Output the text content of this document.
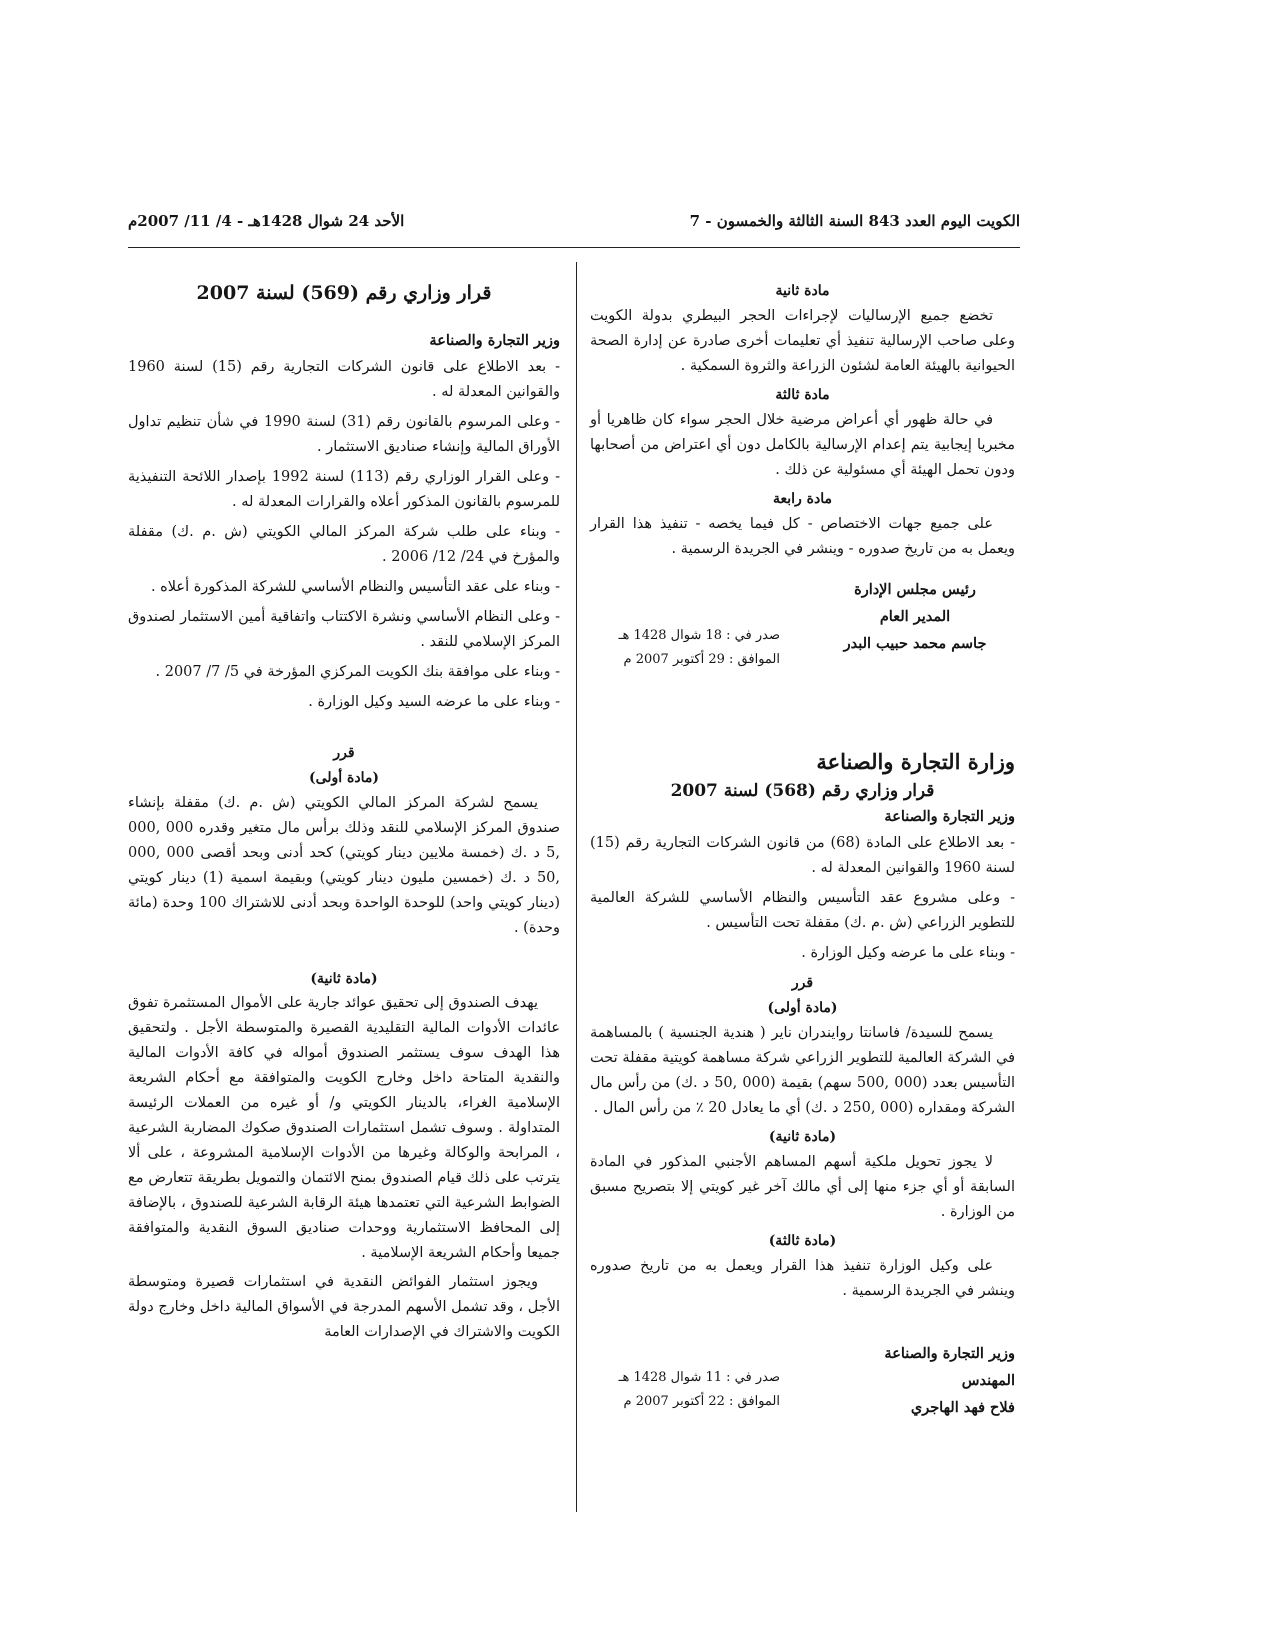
الكويت اليوم العدد 843 السنة الثالثة والخمسون - 7
الأحد 24 شوال 1428هـ - 4/ 11/ 2007م
مادة ثانية

تخضع جميع الإرساليات لإجراءات الحجر البيطري بدولة الكويت وعلى صاحب الإرسالية تنفيذ أي تعليمات أخرى صادرة عن إدارة الصحة الحيوانية بالهيئة العامة لشئون الزراعة والثروة السمكية .

مادة ثالثة

في حالة ظهور أي أعراض مرضية خلال الحجر سواء كان ظاهريا أو مخبريا إيجابية يتم إعدام الإرسالية بالكامل دون أي اعتراض من أصحابها ودون تحمل الهيئة أي مسئولية عن ذلك .

مادة رابعة

على جميع جهات الاختصاص - كل فيما يخصه - تنفيذ هذا القرار ويعمل به من تاريخ صدوره - وينشر في الجريدة الرسمية .

رئيس مجلس الإدارة
المدير العام
جاسم محمد حبيب البدر
صدر في : 18 شوال 1428 هـ
الموافق : 29 أكتوبر 2007 م
وزارة التجارة والصناعة
قرار وزاري رقم (568) لسنة 2007
وزير التجارة والصناعة

- بعد الاطلاع على المادة (68) من قانون الشركات التجارية رقم (15) لسنة 1960 والقوانين المعدلة له .

- وعلى مشروع عقد التأسيس والنظام الأساسي للشركة العالمية للتطوير الزراعي (ش .م .ك) مقفلة تحت التأسيس .

- وبناء على ما عرضه وكيل الوزارة .

قرر
(مادة أولى)

يسمح للسيدة/ فاسانتا روايندران ناير ( هندية الجنسية ) بالمساهمة في الشركة العالمية للتطوير الزراعي شركة مساهمة كويتية مقفلة تحت التأسيس بعدد (000 ,500 سهم) بقيمة (000 ,50 د .ك) من رأس مال الشركة ومقداره (000 ,250 د .ك) أي ما يعادل 20 ٪ من رأس المال .

(مادة ثانية)

لا يجوز تحويل ملكية أسهم المساهم الأجنبي المذكور في المادة السابقة أو أي جزء منها إلى أي مالك آخر غير كويتي إلا بتصريح مسبق من الوزارة .

(مادة ثالثة)

على وكيل الوزارة تنفيذ هذا القرار ويعمل به من تاريخ صدوره وينشر في الجريدة الرسمية .

وزير التجارة والصناعة
المهندس
فلاح فهد الهاجري
صدر في : 11 شوال 1428 هـ
الموافق : 22 أكتوبر 2007 م
قرار وزاري رقم (569) لسنة 2007
وزير التجارة والصناعة

- بعد الاطلاع على قانون الشركات التجارية رقم (15) لسنة 1960 والقوانين المعدلة له .

- وعلى المرسوم بالقانون رقم (31) لسنة 1990 في شأن تنظيم تداول الأوراق المالية وإنشاء صناديق الاستثمار .

- وعلى القرار الوزاري رقم (113) لسنة 1992 بإصدار اللائحة التنفيذية للمرسوم بالقانون المذكور أعلاه والقرارات المعدلة له .

- وبناء على طلب شركة المركز المالي الكويتي (ش .م .ك) مقفلة والمؤرخ في 24/ 12/ 2006 .

- وبناء على عقد التأسيس والنظام الأساسي للشركة المذكورة أعلاه .

- وعلى النظام الأساسي ونشرة الاكتتاب واتفاقية أمين الاستثمار لصندوق المركز الإسلامي للنقد .

- وبناء على موافقة بنك الكويت المركزي المؤرخة في 5/ 7/ 2007 .

- وبناء على ما عرضه السيد وكيل الوزارة .

قرر
(مادة أولى)

يسمح لشركة المركز المالي الكويتي (ش .م .ك) مقفلة بإنشاء صندوق المركز الإسلامي للنقد وذلك برأس مال متغير وقدره 000 ,000 ,5 د .ك (خمسة ملايين دينار كويتي) كحد أدنى وبحد أقصى 000 ,000 ,50 د .ك (خمسين مليون دينار كويتي) وبقيمة اسمية (1) دينار كويتي (دينار كويتي واحد) للوحدة الواحدة وبحد أدنى للاشتراك 100 وحدة (مائة وحدة) .

(مادة ثانية)

يهدف الصندوق إلى تحقيق عوائد جارية على الأموال المستثمرة تفوق عائدات الأدوات المالية التقليدية القصيرة والمتوسطة الأجل . ولتحقيق هذا الهدف سوف يستثمر الصندوق أمواله في كافة الأدوات المالية والنقدية المتاحة داخل وخارج الكويت والمتوافقة مع أحكام الشريعة الإسلامية الغراء، بالدينار الكويتي و/ أو غيره من العملات الرئيسة المتداولة . وسوف تشمل استثمارات الصندوق صكوك المضاربة الشرعية ، المرابحة والوكالة وغيرها من الأدوات الإسلامية المشروعة ، على ألا يترتب على ذلك قيام الصندوق بمنح الائتمان والتمويل بطريقة تتعارض مع الضوابط الشرعية التي تعتمدها هيئة الرقابة الشرعية للصندوق ، بالإضافة إلى المحافظ الاستثمارية ووحدات صناديق السوق النقدية والمتوافقة جميعا وأحكام الشريعة الإسلامية .

ويجوز استثمار الفوائض النقدية في استثمارات قصيرة ومتوسطة الأجل ، وقد تشمل الأسهم المدرجة في الأسواق المالية داخل وخارج دولة الكويت والاشتراك في الإصدارات العامة
